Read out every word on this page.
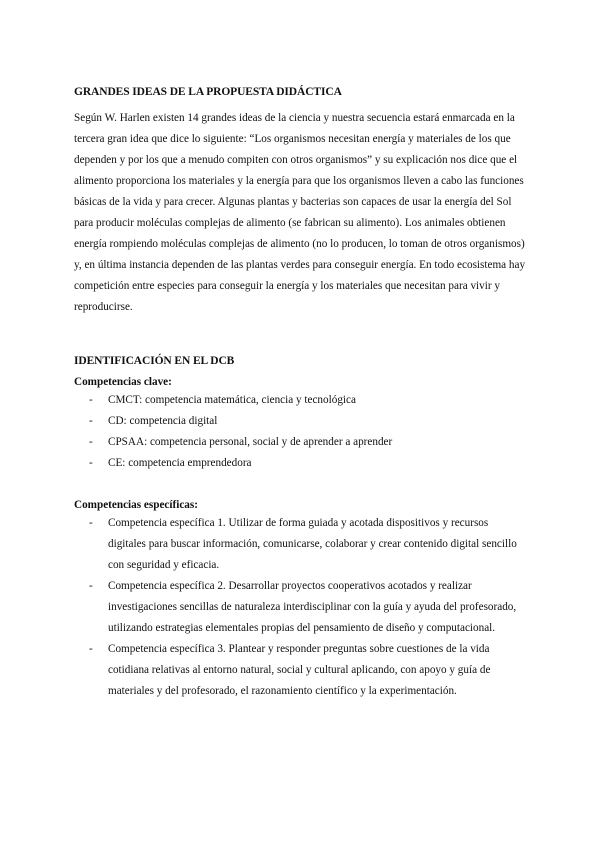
GRANDES IDEAS DE LA PROPUESTA DIDÁCTICA

Según W. Harlen existen 14 grandes ideas de la ciencia y nuestra secuencia estará enmarcada en la tercera gran idea que dice lo siguiente: “Los organismos necesitan energía y materiales de los que dependen y por los que a menudo compiten con otros organismos” y su explicación nos dice que el alimento proporciona los materiales y la energía para que los organismos lleven a cabo las funciones básicas de la vida y para crecer. Algunas plantas y bacterias son capaces de usar la energía del Sol para producir moléculas complejas de alimento (se fabrican su alimento). Los animales obtienen energía rompiendo moléculas complejas de alimento (no lo producen, lo toman de otros organismos) y, en última instancia dependen de las plantas verdes para conseguir energía. En todo ecosistema hay competición entre especies para conseguir la energía y los materiales que necesitan para vivir y reproducirse.

IDENTIFICACIÓN EN EL DCB
Competencias clave:
- CMCT: competencia matemática, ciencia y tecnológica
- CD: competencia digital
- CPSAA: competencia personal, social y de aprender a aprender
- CE: competencia emprendedora
Competencias específicas:
- Competencia específica 1. Utilizar de forma guiada y acotada dispositivos y recursos digitales para buscar información, comunicarse, colaborar y crear contenido digital sencillo con seguridad y eficacia.
- Competencia específica 2. Desarrollar proyectos cooperativos acotados y realizar investigaciones sencillas de naturaleza interdisciplinar con la guía y ayuda del profesorado, utilizando estrategias elementales propias del pensamiento de diseño y computacional.
- Competencia específica 3. Plantear y responder preguntas sobre cuestiones de la vida cotidiana relativas al entorno natural, social y cultural aplicando, con apoyo y guía de materiales y del profesorado, el razonamiento científico y la experimentación.
